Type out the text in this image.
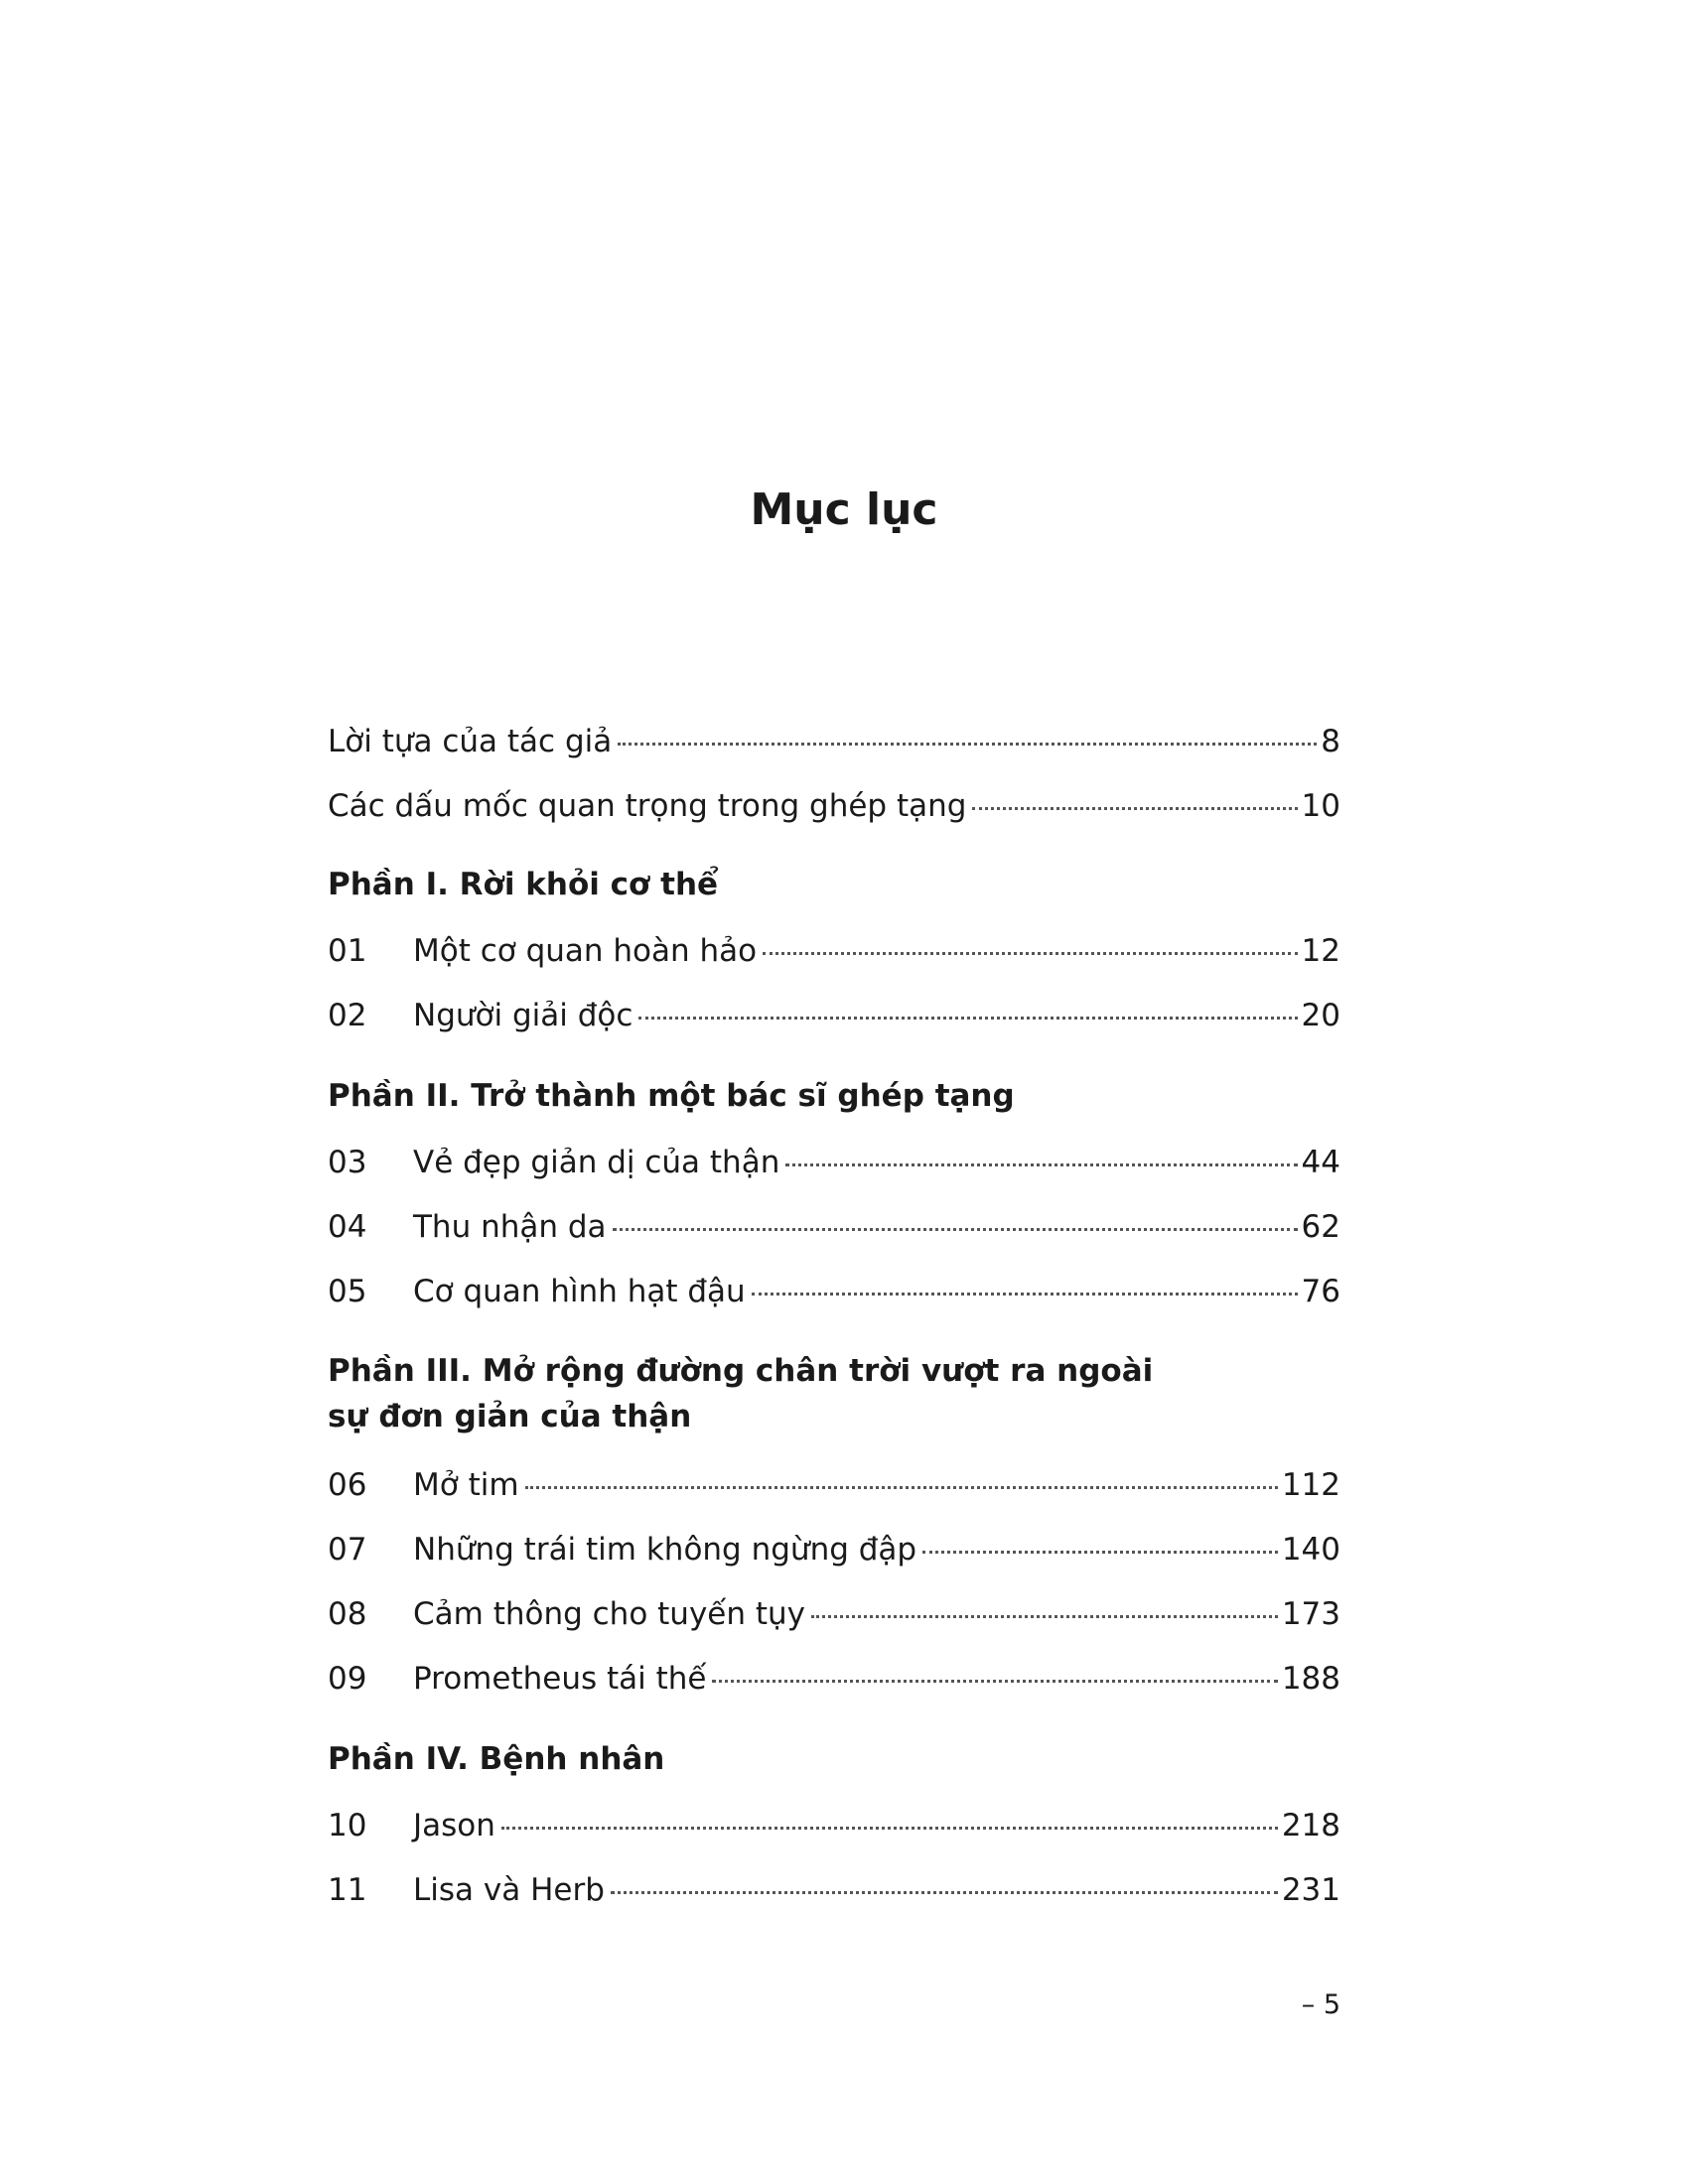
Mục lục
Lời tựa của tác giả	8
Các dấu mốc quan trọng trong ghép tạng	10
Phần I. Rời khỏi cơ thể
01	Một cơ quan hoàn hảo	12
02	Người giải độc	20
Phần II. Trở thành một bác sĩ ghép tạng
03	Vẻ đẹp giản dị của thận	44
04	Thu nhận da	62
05	Cơ quan hình hạt đậu	76
Phần III. Mở rộng đường chân trời vượt ra ngoài sự đơn giản của thận
06	Mở tim	112
07	Những trái tim không ngừng đập	140
08	Cảm thông cho tuyến tụy	173
09	Prometheus tái thế	188
Phần IV. Bệnh nhân
10	Jason	218
11	Lisa và Herb	231
– 5
